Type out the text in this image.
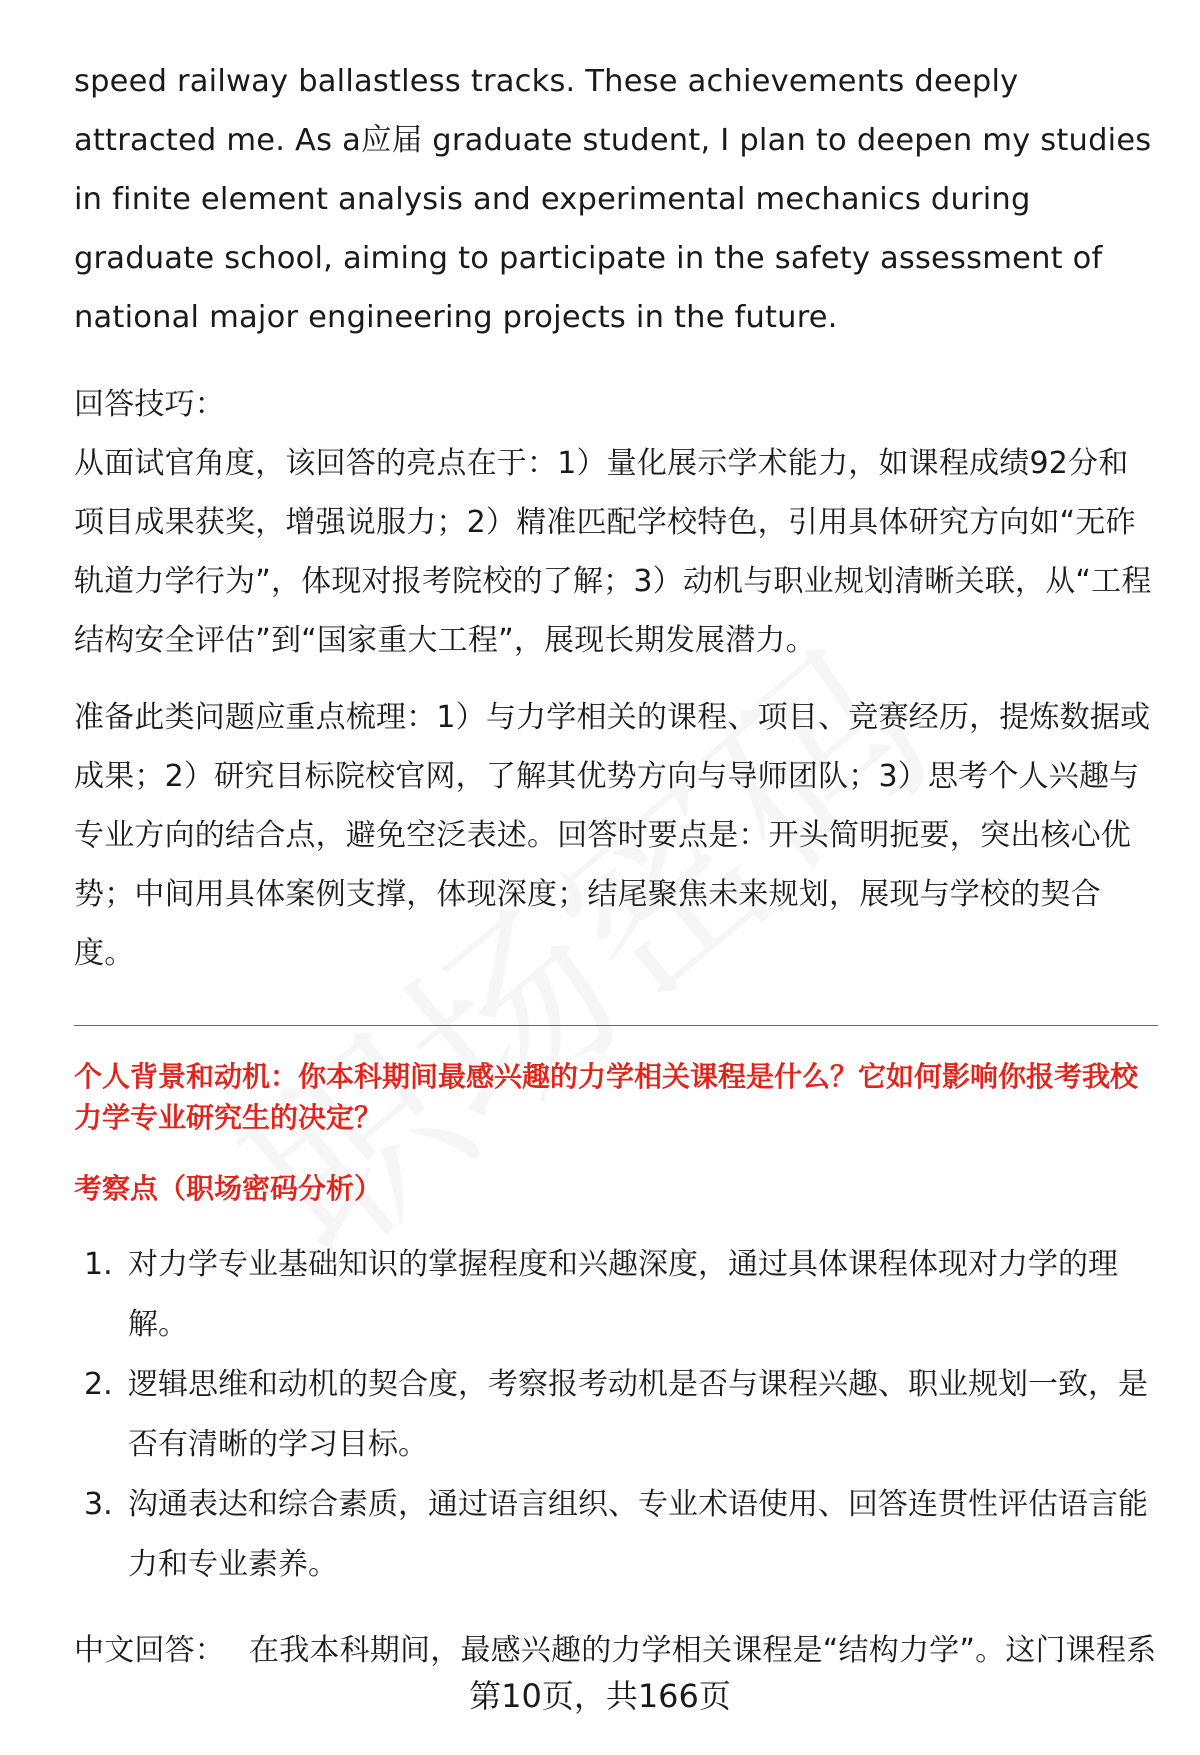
speed railway ballastless tracks. These achievements deeply attracted me. As a应届 graduate student, I plan to deepen my studies in finite element analysis and experimental mechanics during graduate school, aiming to participate in the safety assessment of national major engineering projects in the future.

回答技巧：

从面试官角度，该回答的亮点在于：1）量化展示学术能力，如课程成绩92分和项目成果获奖，增强说服力；2）精准匹配学校特色，引用具体研究方向如“无砟轨道力学行为”，体现对报考院校的了解；3）动机与职业规划清晰关联，从“工程结构安全评估”到“国家重大工程”，展现长期发展潜力。

准备此类问题应重点梳理：1）与力学相关的课程、项目、竞赛经历，提炼数据或成果；2）研究目标院校官网，了解其优势方向与导师团队；3）思考个人兴趣与专业方向的结合点，避免空泛表述。回答时要点是：开头简明扼要，突出核心优势；中间用具体案例支撑，体现深度；结尾聚焦未来规划，展现与学校的契合度。

个人背景和动机：你本科期间最感兴趣的力学相关课程是什么？它如何影响你报考我校力学专业研究生的决定？

考察点（职场密码分析）

1. 对力学专业基础知识的掌握程度和兴趣深度，通过具体课程体现对力学的理解。
2. 逻辑思维和动机的契合度，考察报考动机是否与课程兴趣、职业规划一致，是否有清晰的学习目标。
3. 沟通表达和综合素质，通过语言组织、专业术语使用、回答连贯性评估语言能力和专业素养。

中文回答： 在我本科期间，最感兴趣的力学相关课程是“结构力学”。这门课程系

第10页，共166页
